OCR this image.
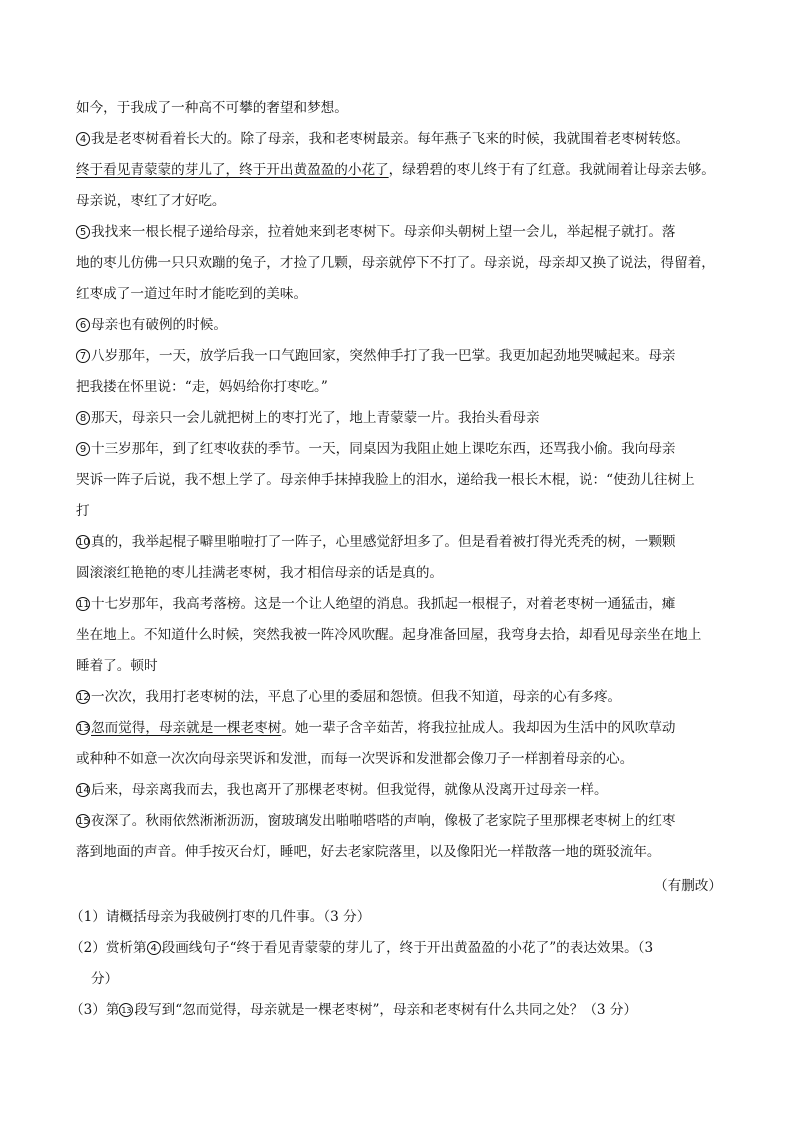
如今，于我成了一种高不可攀的奢望和梦想。
4 我是老枣树看着长大的。除了母亲，我和老枣树最亲。每年燕子飞来的时候，我就围着老枣树转悠。
终于看见青蒙蒙的芽儿了，终于开出黄盈盈的小花了，绿碧碧的枣儿终于有了红意。我就闹着让母亲去够。
母亲说，枣红了才好吃。
5 我找来一根长棍子递给母亲，拉着她来到老枣树下。母亲仰头朝树上望一会儿，举起棍子就打。落
地的枣儿仿佛一只只欢蹦的兔子，才捡了几颗，母亲就停下不打了。母亲说，母亲却又换了说法，得留着，
红枣成了一道过年时才能吃到的美味。
6 母亲也有破例的时候。
7 八岁那年，一天，放学后我一口气跑回家，突然伸手打了我一巴掌。我更加起劲地哭喊起来。母亲
把我搂在怀里说：“走，妈妈给你打枣吃。”
8 那天，母亲只一会儿就把树上的枣打光了，地上青蒙蒙一片。我抬头看母亲
9 十三岁那年，到了红枣收获的季节。一天，同桌因为我阻止她上课吃东西，还骂我小偷。我向母亲
哭诉一阵子后说，我不想上学了。母亲伸手抹掉我脸上的泪水，递给我一根长木棍，说：“使劲儿往树上
打
10真的，我举起棍子噼里啪啦打了一阵子，心里感觉舒坦多了。但是看着被打得光秃秃的树，一颗颗
圆滚滚红艳艳的枣儿挂满老枣树，我才相信母亲的话是真的。
11十七岁那年，我高考落榜。这是一个让人绝望的消息。我抓起一根棍子，对着老枣树一通猛击，瘫
坐在地上。不知道什么时候，突然我被一阵冷风吹醒。起身准备回屋，我弯身去拾，却看见母亲坐在地上
睡着了。顿时
12一次次，我用打老枣树的法，平息了心里的委屈和怨愤。但我不知道，母亲的心有多疼。
13忽而觉得，母亲就是一棵老枣树。她一辈子含辛茹苦，将我拉扯成人。我却因为生活中的风吹草动
或种种不如意一次次向母亲哭诉和发泄，而每一次哭诉和发泄都会像刀子一样割着母亲的心。
14后来，母亲离我而去，我也离开了那棵老枣树。但我觉得，就像从没离开过母亲一样。
15夜深了。秋雨依然淅淅沥沥，窗玻璃发出啪啪嗒嗒的声响，像极了老家院子里那棵老枣树上的红枣
落到地面的声音。伸手按灭台灯，睡吧，好去老家院落里，以及像阳光一样散落一地的斑驳流年。
（有删改）
（1）请概括母亲为我破例打枣的几件事。（3 分）
（2）赏析第 4 段画线句子“终于看见青蒙蒙的芽儿了，终于开出黄盈盈的小花了”的表达效果。（3
分）
（3）第 13 段写到“忽而觉得，母亲就是一棵老枣树”，母亲和老枣树有什么共同之处？（3 分）
